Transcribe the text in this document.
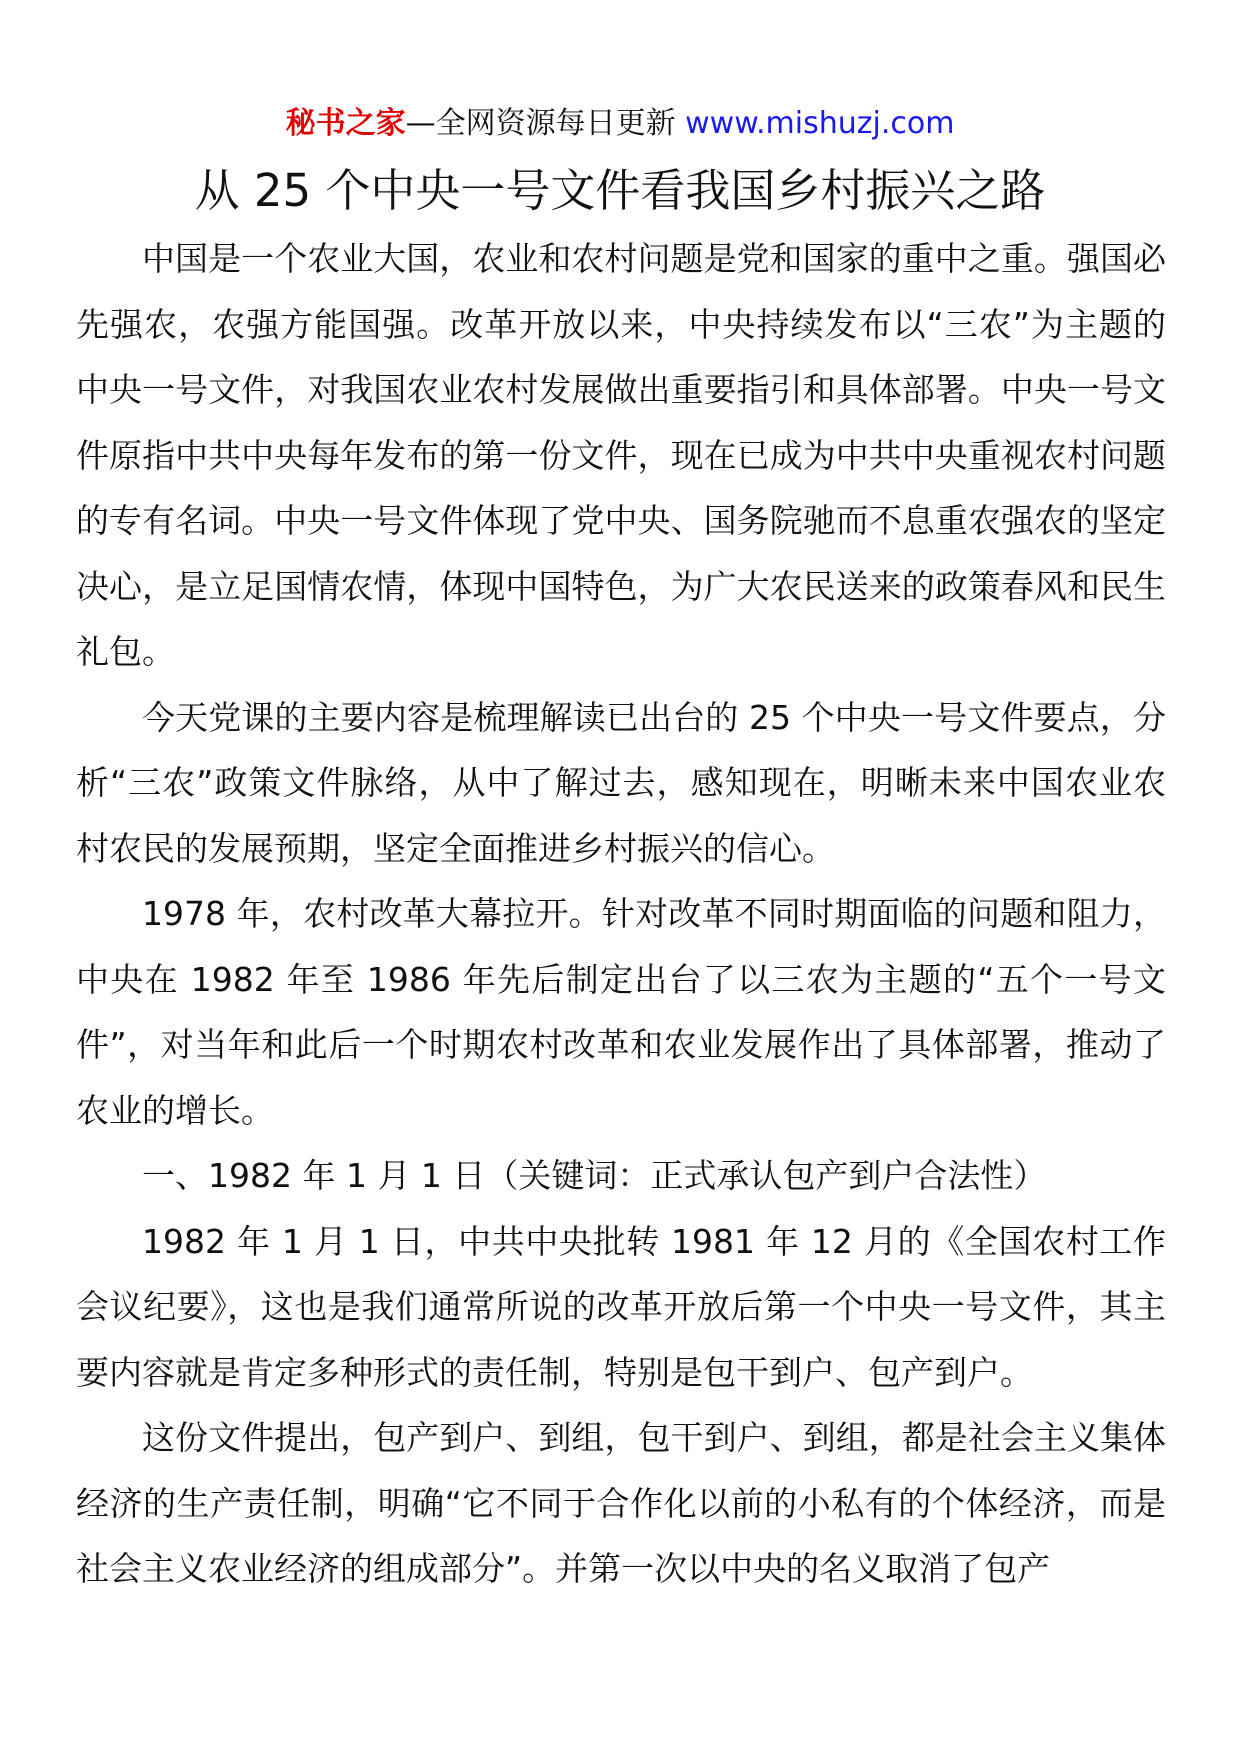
秘书之家—全网资源每日更新 www.mishuzj.com
从 25 个中央一号文件看我国乡村振兴之路

中国是一个农业大国，农业和农村问题是党和国家的重中之重。强国必先强农，农强方能国强。改革开放以来，中央持续发布以“三农”为主题的中央一号文件，对我国农业农村发展做出重要指引和具体部署。中央一号文件原指中共中央每年发布的第一份文件，现在已成为中共中央重视农村问题的专有名词。中央一号文件体现了党中央、国务院驰而不息重农强农的坚定决心，是立足国情农情，体现中国特色，为广大农民送来的政策春风和民生礼包。

今天党课的主要内容是梳理解读已出台的 25 个中央一号文件要点，分析“三农”政策文件脉络，从中了解过去，感知现在，明晰未来中国农业农村农民的发展预期，坚定全面推进乡村振兴的信心。

1978 年，农村改革大幕拉开。针对改革不同时期面临的问题和阻力，中央在 1982 年至 1986 年先后制定出台了以三农为主题的“五个一号文件”，对当年和此后一个时期农村改革和农业发展作出了具体部署，推动了农业的增长。

一、1982 年 1 月 1 日（关键词：正式承认包产到户合法性）

1982 年 1 月 1 日，中共中央批转 1981 年 12 月的《全国农村工作会议纪要》，这也是我们通常所说的改革开放后第一个中央一号文件，其主要内容就是肯定多种形式的责任制，特别是包干到户、包产到户。

这份文件提出，包产到户、到组，包干到户、到组，都是社会主义集体经济的生产责任制，明确“它不同于合作化以前的小私有的个体经济，而是社会主义农业经济的组成部分”。并第一次以中央的名义取消了包产
